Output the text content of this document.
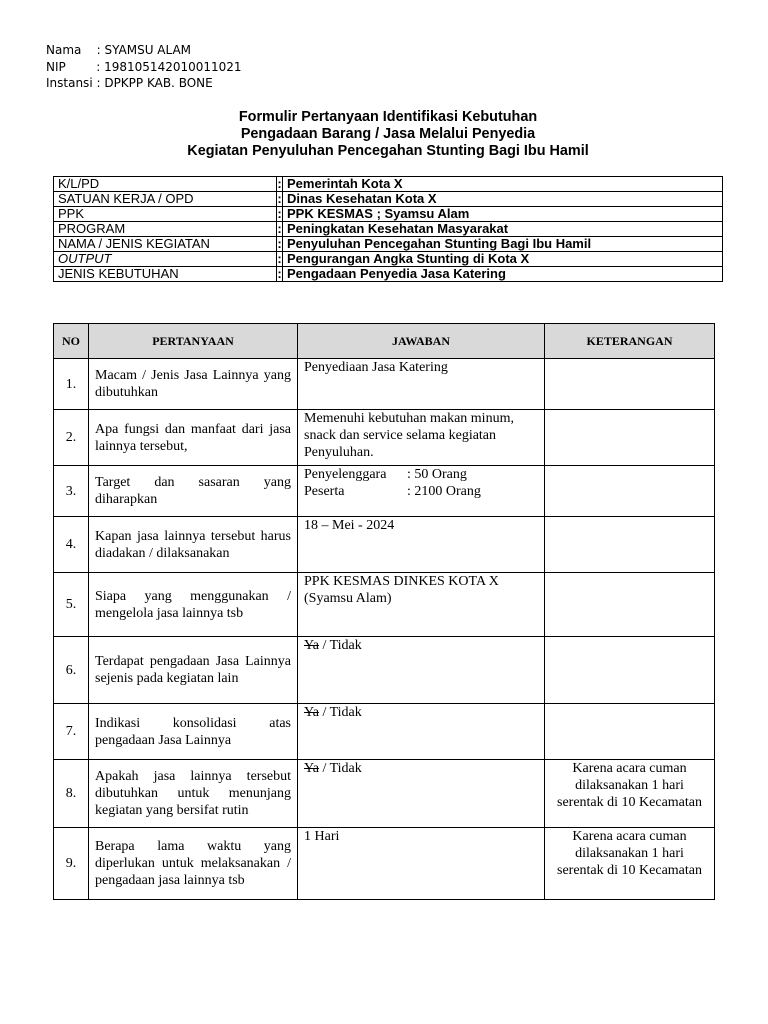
Nama    : SYAMSU ALAM
NIP        : 198105142010011021
Instansi : DPKPP KAB. BONE
Formulir Pertanyaan Identifikasi Kebutuhan
Pengadaan Barang / Jasa Melalui Penyedia
Kegiatan Penyuluhan Pencegahan Stunting Bagi Ibu Hamil
K/L/PD	:	Pemerintah Kota X
SATUAN KERJA / OPD	:	Dinas Kesehatan Kota X
PPK	:	PPK KESMAS ; Syamsu Alam
PROGRAM	:	Peningkatan Kesehatan Masyarakat
NAMA / JENIS KEGIATAN	:	Penyuluhan Pencegahan Stunting Bagi Ibu Hamil
OUTPUT	:	Pengurangan Angka Stunting di Kota X
JENIS KEBUTUHAN	:	Pengadaan Penyedia Jasa Katering
NO	PERTANYAAN	JAWABAN	KETERANGAN
1.	Macam / Jenis Jasa Lainnya yang dibutuhkan	Penyediaan Jasa Katering	
2.	Apa fungsi dan manfaat dari jasa lainnya tersebut,	Memenuhi kebutuhan makan minum, snack dan service selama kegiatan Penyuluhan.	
3.	Target dan sasaran yang diharapkan	Penyelenggara : 50 Orang
Peserta : 2100 Orang	

4.	Kapan jasa lainnya tersebut harus diadakan / dilaksanakan	18 – Mei - 2024	
5.	Siapa yang menggunakan / mengelola jasa lainnya tsb	PPK KESMAS DINKES KOTA X (Syamsu Alam)	
6.	Terdapat pengadaan Jasa Lainnya sejenis pada kegiatan lain	Ya / Tidak	
7.	Indikasi konsolidasi atas pengadaan Jasa Lainnya	Ya / Tidak	
8.	Apakah jasa lainnya tersebut dibutuhkan untuk menunjang kegiatan yang bersifat rutin	Ya / Tidak	Karena acara cuman dilaksanakan 1 hari serentak di 10 Kecamatan
9.	Berapa lama waktu yang diperlukan untuk melaksanakan / pengadaan jasa lainnya tsb	1 Hari	Karena acara cuman dilaksanakan 1 hari serentak di 10 Kecamatan
